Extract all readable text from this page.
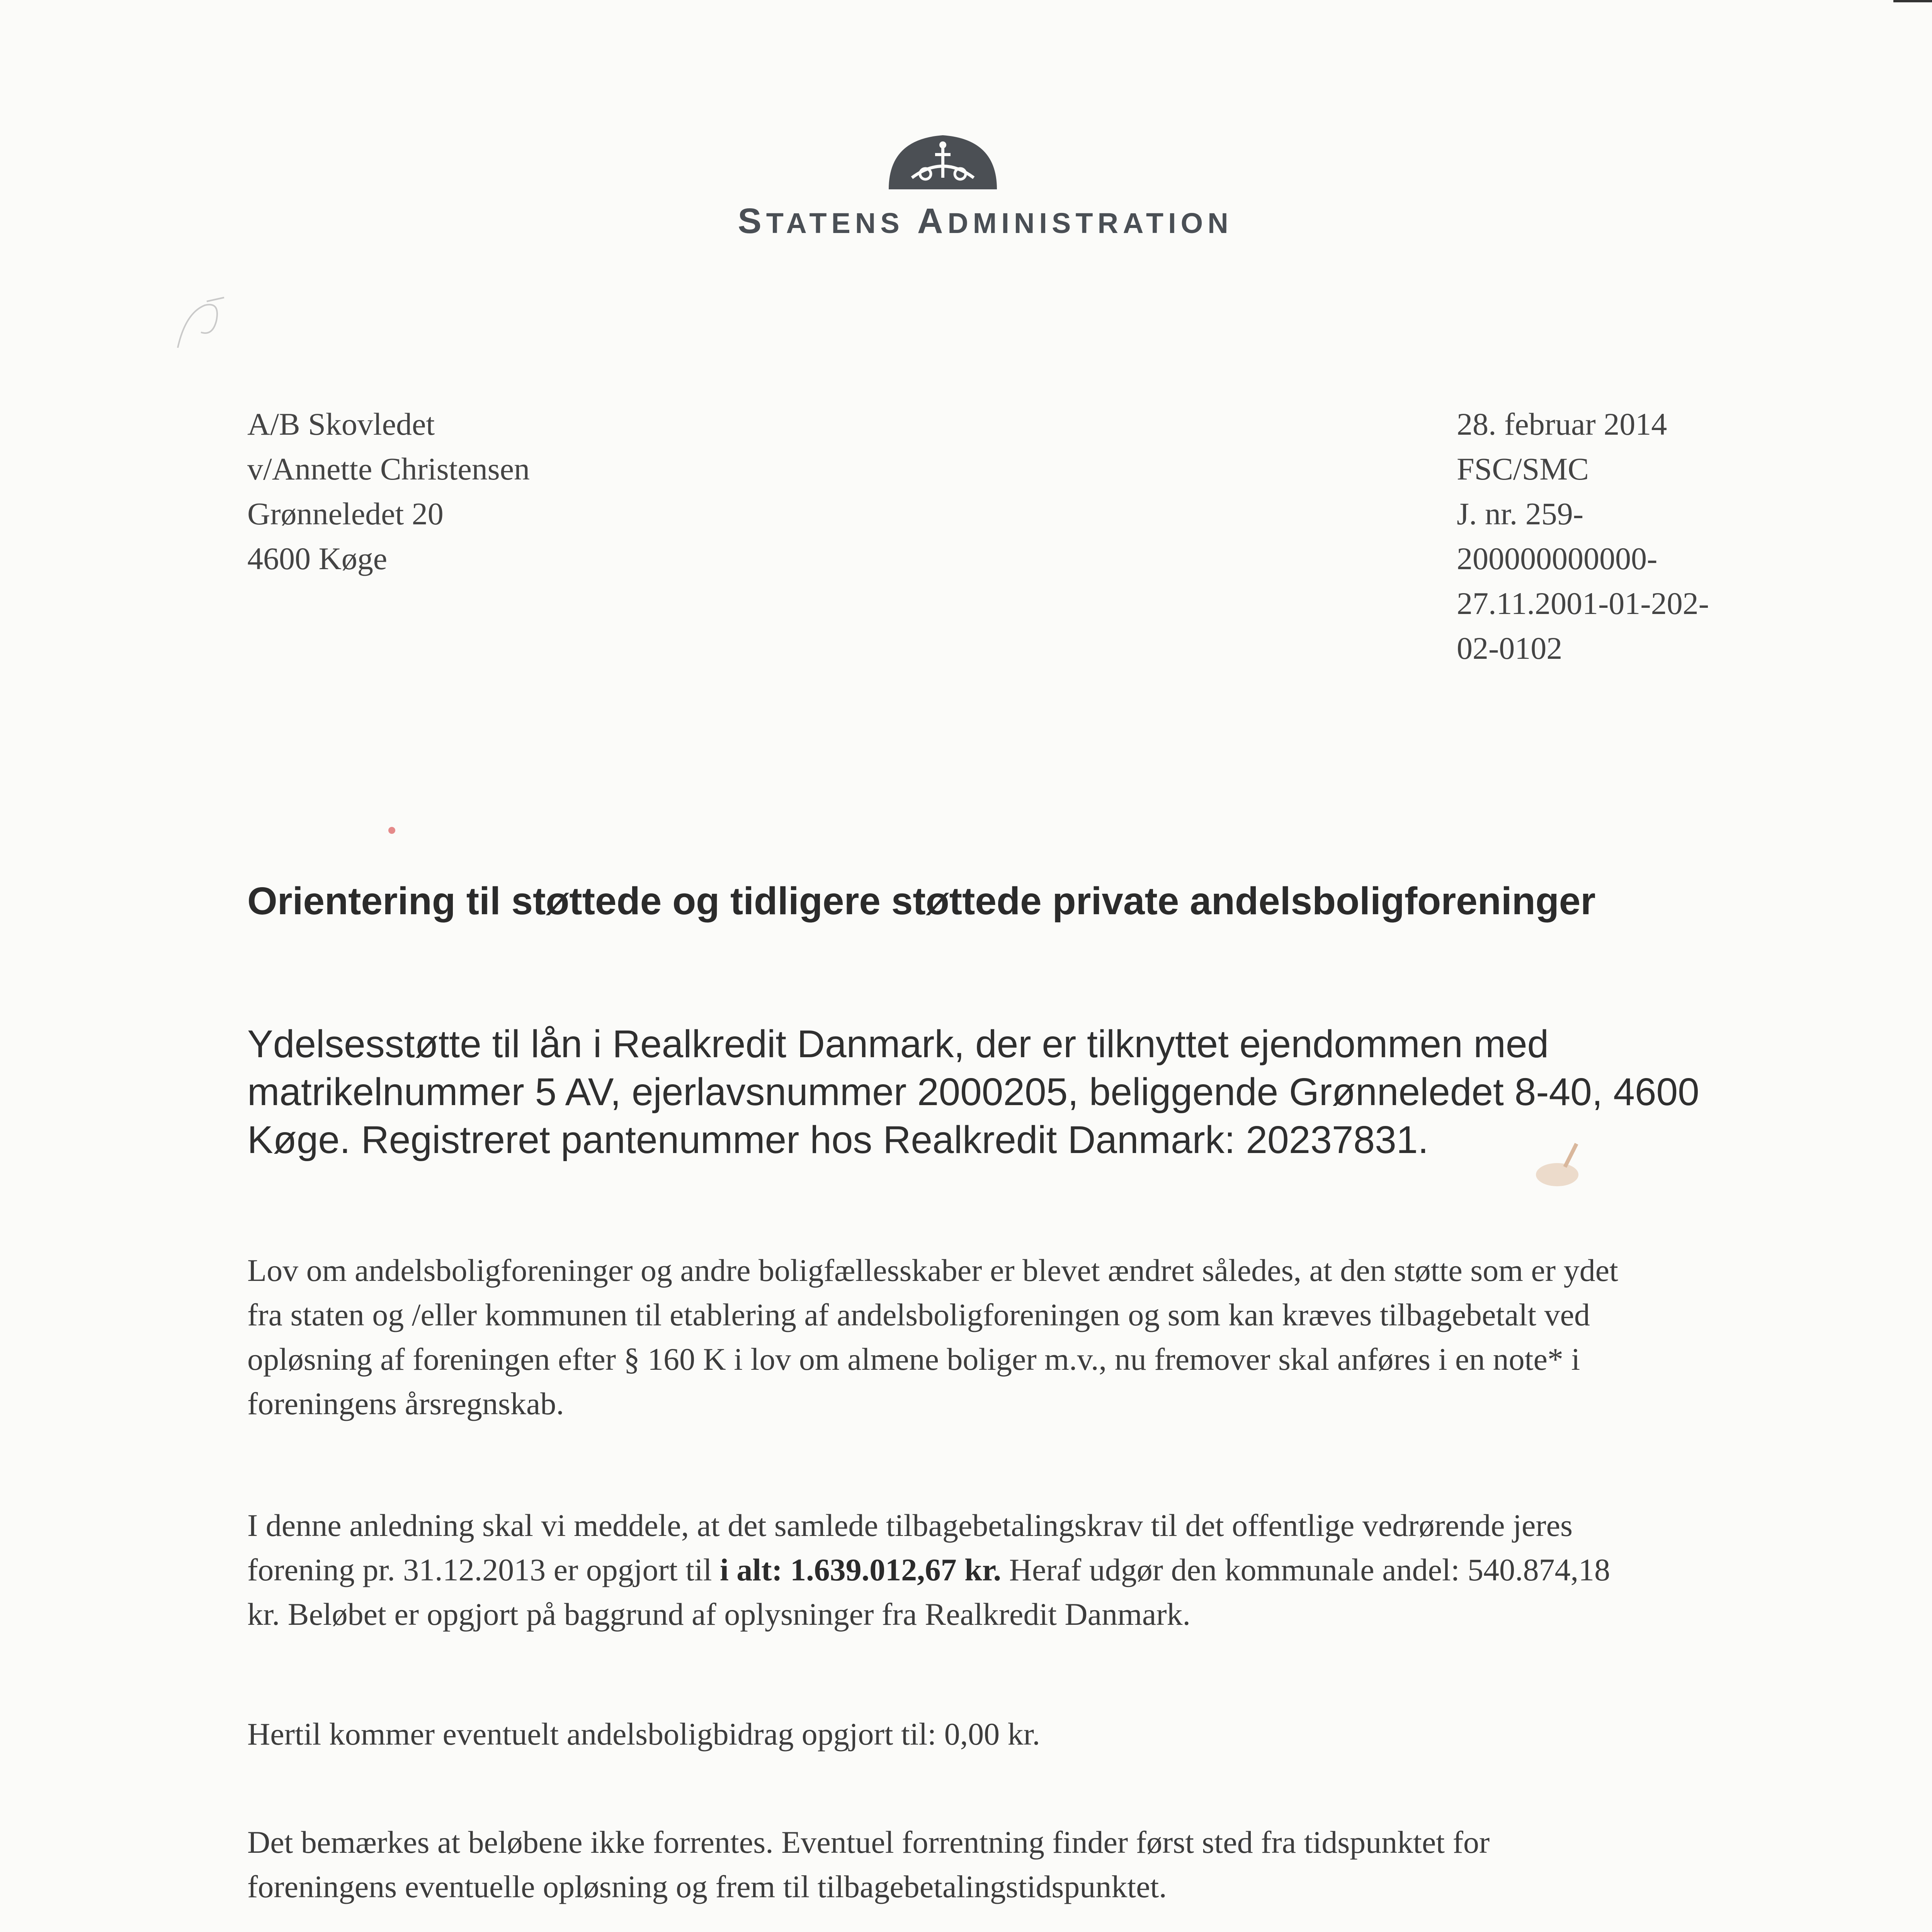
STATENS ADMINISTRATION
A/B Skovledet
v/Annette Christensen
Grønneledet 20
4600 Køge
28. februar 2014
FSC/SMC
J. nr. 259-
200000000000-
27.11.2001-01-202-
02-0102
Orientering til støttede og tidligere støttede private andelsboligforeninger
Ydelsesstøtte til lån i Realkredit Danmark, der er tilknyttet ejendommen med matrikelnummer 5 AV, ejerlavsnummer 2000205, beliggende Grønneledet 8-40, 4600 Køge. Registreret pantenummer hos Realkredit Danmark: 20237831.
Lov om andelsboligforeninger og andre boligfællesskaber er blevet ændret således, at den støtte som er ydet fra staten og /eller kommunen til etablering af andelsboligforeningen og som kan kræves tilbagebetalt ved opløsning af foreningen efter § 160 K i lov om almene boliger m.v., nu fremover skal anføres i en note* i foreningens årsregnskab.
I denne anledning skal vi meddele, at det samlede tilbagebetalingskrav til det offentlige vedrørende jeres forening pr. 31.12.2013 er opgjort til i alt: 1.639.012,67 kr. Heraf udgør den kommunale andel: 540.874,18 kr. Beløbet er opgjort på baggrund af oplysninger fra Realkredit Danmark.
Hertil kommer eventuelt andelsboligbidrag opgjort til: 0,00 kr.
Det bemærkes at beløbene ikke forrentes. Eventuel forrentning finder først sted fra tidspunktet for foreningens eventuelle opløsning og frem til tilbagebetalingstidspunktet.
